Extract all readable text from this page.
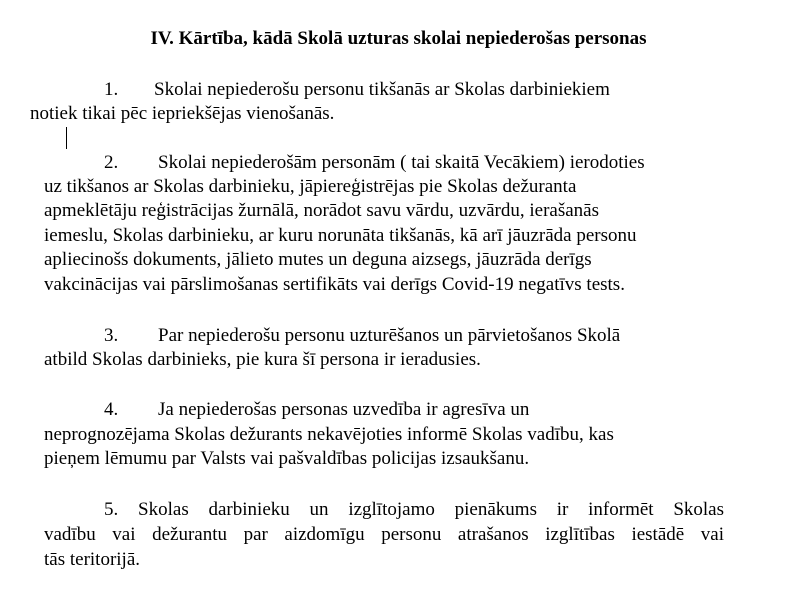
IV. Kārtība, kādā Skolā uzturas skolai nepiederošas personas
1. Skolai nepiederošu personu tikšanās ar Skolas darbiniekiem
notiek tikai pēc iepriekšējas vienošanās.
2. Skolai nepiederošām personām ( tai skaitā Vecākiem) ierodoties
uz tikšanos ar Skolas darbinieku, jāpiereģistrējas pie Skolas dežuranta
apmeklētāju reģistrācijas žurnālā, norādot savu vārdu, uzvārdu, ierašanās
iemeslu, Skolas darbinieku, ar kuru norunāta tikšanās, kā arī jāuzrāda personu
apliecinošs dokuments, jālieto mutes un deguna aizsegs, jāuzrāda derīgs
vakcinācijas vai pārslimošanas sertifikāts vai derīgs Covid-19 negatīvs tests.
3. Par nepiederošu personu uzturēšanos un pārvietošanos Skolā
atbild Skolas darbinieks, pie kura šī persona ir ieradusies.
4. Ja nepiederošas personas uzvedība ir agresīva un
neprognozējama Skolas dežurants nekavējoties informē Skolas vadību, kas
pieņem lēmumu par Valsts vai pašvaldības policijas izsaukšanu.
5. Skolas darbinieku un izglītojamo pienākums ir informēt Skolas
vadību vai dežurantu par aizdomīgu personu atrašanos izglītības iestādē vai
tās teritorijā.
